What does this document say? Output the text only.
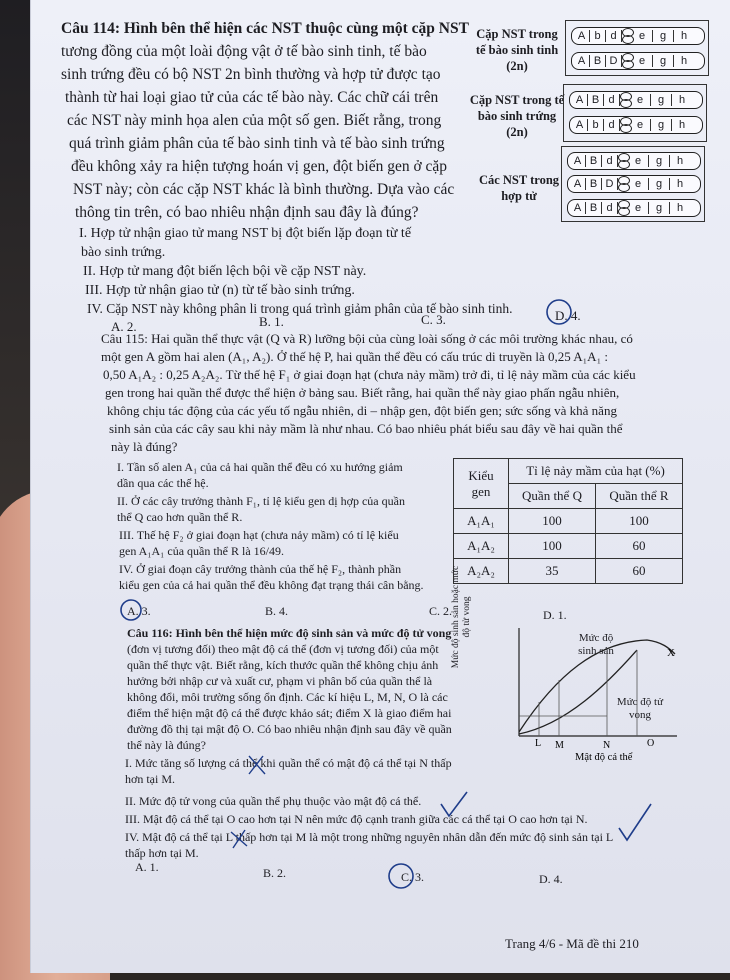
Câu 114: Hình bên thể hiện các NST thuộc cùng một cặp NST
tương đồng của một loài động vật ở tế bào sinh tinh, tế bào
sinh trứng đều có bộ NST 2n bình thường và hợp tử được tạo
thành từ hai loại giao tử của các tế bào này. Các chữ cái trên
các NST này minh họa alen của một số gen. Biết rằng, trong
quá trình giảm phân của tế bào sinh tinh và tế bào sinh trứng
đều không xảy ra hiện tượng hoán vị gen, đột biến gen ở cặp
NST này; còn các cặp NST khác là bình thường. Dựa vào các
thông tin trên, có bao nhiêu nhận định sau đây là đúng?
I. Hợp tử nhận giao tử mang NST bị đột biến lặp đoạn từ tế
bào sinh trứng.
II. Hợp tử mang đột biến lệch bội về cặp NST này.
III. Hợp tử nhận giao tử (n) từ tế bào sinh trứng.
IV. Cặp NST này không phân li trong quá trình giảm phân của tế bào sinh tinh.
A. 2.	B. 1.	C. 3.	D. 4.
Cặp NST trong tế bào sinh tinh (2n)
A b d	e	g	h
A B D	e	g	h
Cặp NST trong tế bào sinh trứng (2n)
A B d	e	g	h
A b d	e	g	h
Các NST trong hợp tử
A B d	e	g	h
A B D	e	g	h
A B d	e	g	h
Câu 115: Hai quần thể thực vật (Q và R) lưỡng bội của cùng loài sống ở các môi trường khác nhau, có
một gen A gồm hai alen (A₁, A₂). Ở thế hệ P, hai quần thể đều có cấu trúc di truyền là 0,25 A₁A₁ :
0,50 A₁A₂ : 0,25 A₂A₂. Từ thế hệ F₁ ở giai đoạn hạt (chưa nảy mầm) trở đi, tỉ lệ nảy mầm của các kiểu
gen trong hai quần thể được thể hiện ở bảng sau. Biết rằng, hai quần thể này giao phấn ngẫu nhiên,
không chịu tác động của các yếu tố ngẫu nhiên, di – nhập gen, đột biến gen; sức sống và khả năng
sinh sản của các cây sau khi nảy mầm là như nhau. Có bao nhiêu phát biểu sau đây về hai quần thể
này là đúng?
I. Tần số alen A₁ của cả hai quần thể đều có xu hướng giảm
dần qua các thế hệ.
II. Ở các cây trưởng thành F₁, tỉ lệ kiểu gen dị hợp của quần
thể Q cao hơn quần thể R.
III. Thế hệ F₂ ở giai đoạn hạt (chưa nảy mầm) có tỉ lệ kiểu
gen A₁A₁ của quần thể R là 16/49.
IV. Ở giai đoạn cây trưởng thành của thế hệ F₂, thành phần
kiểu gen của cả hai quần thể đều không đạt trạng thái cân bằng.
A. 3.	B. 4.	C. 2.	D. 1.
Kiểu gen	Tỉ lệ nảy mầm của hạt (%)	
	Quần thể Q	Quần thể R
A₁A₁	100	100
A₁A₂	100	60
A₂A₂	35	60
Câu 116: Hình bên thể hiện mức độ sinh sản và mức độ tử vong
(đơn vị tương đối) theo mật độ cá thể (đơn vị tương đối) của một
quần thể thực vật. Biết rằng, kích thước quần thể không chịu ảnh
hưởng bởi nhập cư và xuất cư, phạm vi phân bố của quần thể là
không đổi, môi trường sống ổn định. Các kí hiệu L, M, N, O là các
điểm thể hiện mật độ cá thể được khảo sát; điểm X là giao điểm hai
đường đồ thị tại mật độ O. Có bao nhiêu nhận định sau đây về quần
thể này là đúng?
I. Mức tăng số lượng cá thể khi quần thể có mật độ cá thể tại N thấp
hơn tại M.
II. Mức độ tử vong của quần thể phụ thuộc vào mật độ cá thể.
III. Mật độ cá thể tại O cao hơn tại N nên mức độ cạnh tranh giữa các cá thể tại O cao hơn tại N.
IV. Mật độ cá thể tại L thấp hơn tại M là một trong những nguyên nhân dẫn đến mức độ sinh sản tại L
thấp hơn tại M.
A. 1.	B. 2.	C. 3.	D. 4.
X
L M	N	O
Mật độ cá thể
Mức độ sinh sản
Mức độ tử vong
Mức độ sinh sản hoặc mức độ tử vong
Trang 4/6 - Mã đề thi 210
